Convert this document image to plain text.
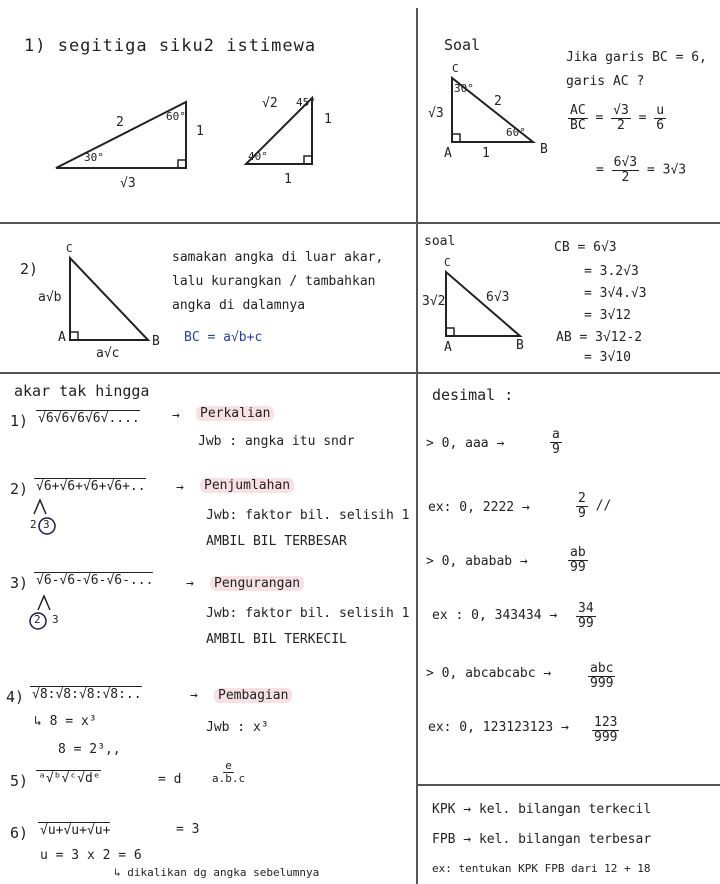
1) segitiga siku2 istimewa
2	60°
1
30°
√3
√2 45°
1
40°
1
Soal
C
30°
√3
2
60°
A 1	B
Jika garis BC = 6,
garis AC ?
$\frac{AC}{BC} = \frac{√3}{2} = \frac{u}{6}$
= $\frac{6√3}{2} = 3√3$
2)
C
a√b
A	B
a√c
samakan angka di luar akar,
lalu kurangkan / tambahkan
angka di dalamnya
BC = a√b+c
soal
C
3√2	6√3
A	B
CB = 6√3
= 3.2√3
= 3√4.√3
= 3√12
AB = 3√12-2
= 3√10
akar tak hingga
1) √6√6√6√6√.... →	Perkalian
Jwb : angka itu sndr
2) √6+√6+√6+√6+.. →	Penjumlahan
2 3
Jwb: faktor bil. selisih 1
AMBIL BIL TERBESAR
3) √6-√6-√6-√6-...	→	Pengurangan
2 3	Jwb: faktor bil. selisih 1
AMBIL BIL TERKECIL
4) √8:√8:√8:√8:..	→	Pembagian
↳ 8 = x³	Jwb : x³
8 = 2³,,
5) ᵃ√ᵇ√ᶜ√dᵉ	= d	$\frac{e}{a.b.c}$
6) √u+√u+√u+	= 3
u = 3 x 2 = 6
↳ dikalikan dg angka sebelumnya
desimal :
> 0, aaa →	$\frac{a}{9}$
ex: 0, 2222 →	$\frac{2}{9}$ //
> 0, ababab →	$\frac{ab}{99}$
ex : 0, $343434 \to \frac{34}{99}$
> 0, abcabcabc →	$\frac{\text{abc}}{999}$
ex: 0, $123123123 \to \frac{123}{999}$
KPK → kel. bilangan terkecil
FPB → kel. bilangan terbesar
ex: tentukan KPK FPB dari 12 + 18
